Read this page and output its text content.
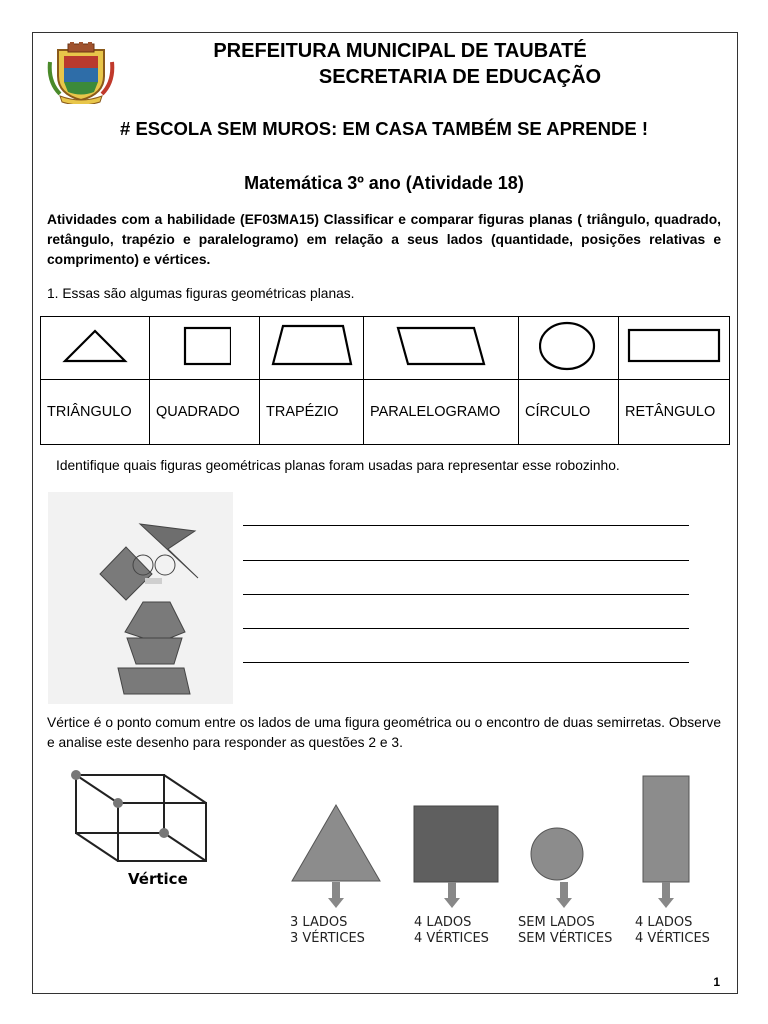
PREFEITURA MUNICIPAL DE TAUBATÉ
SECRETARIA DE EDUCAÇÃO
# ESCOLA SEM MUROS: EM CASA TAMBÉM SE APRENDE !
Matemática 3º ano (Atividade 18)
Atividades com a habilidade (EF03MA15) Classificar e comparar figuras planas ( triângulo, quadrado, retângulo, trapézio e paralelogramo) em relação a seus lados (quantidade, posições relativas e comprimento) e vértices.
1. Essas são algumas figuras geométricas planas.

TRIÂNGULO	QUADRADO	TRAPÉZIO	PARALELOGRAMO	CÍRCULO	RETÂNGULO
Identifique quais figuras geométricas planas foram usadas para representar esse robozinho.
Vértice é o ponto comum entre os lados de uma figura geométrica ou o encontro de duas semirretas. Observe e analise este desenho para responder as questões 2 e 3.
Vértice
3 LADOS
3 VÉRTICES
4 LADOS
4 VÉRTICES
SEM LADOS
SEM VÉRTICES
4 LADOS
4 VÉRTICES
1
